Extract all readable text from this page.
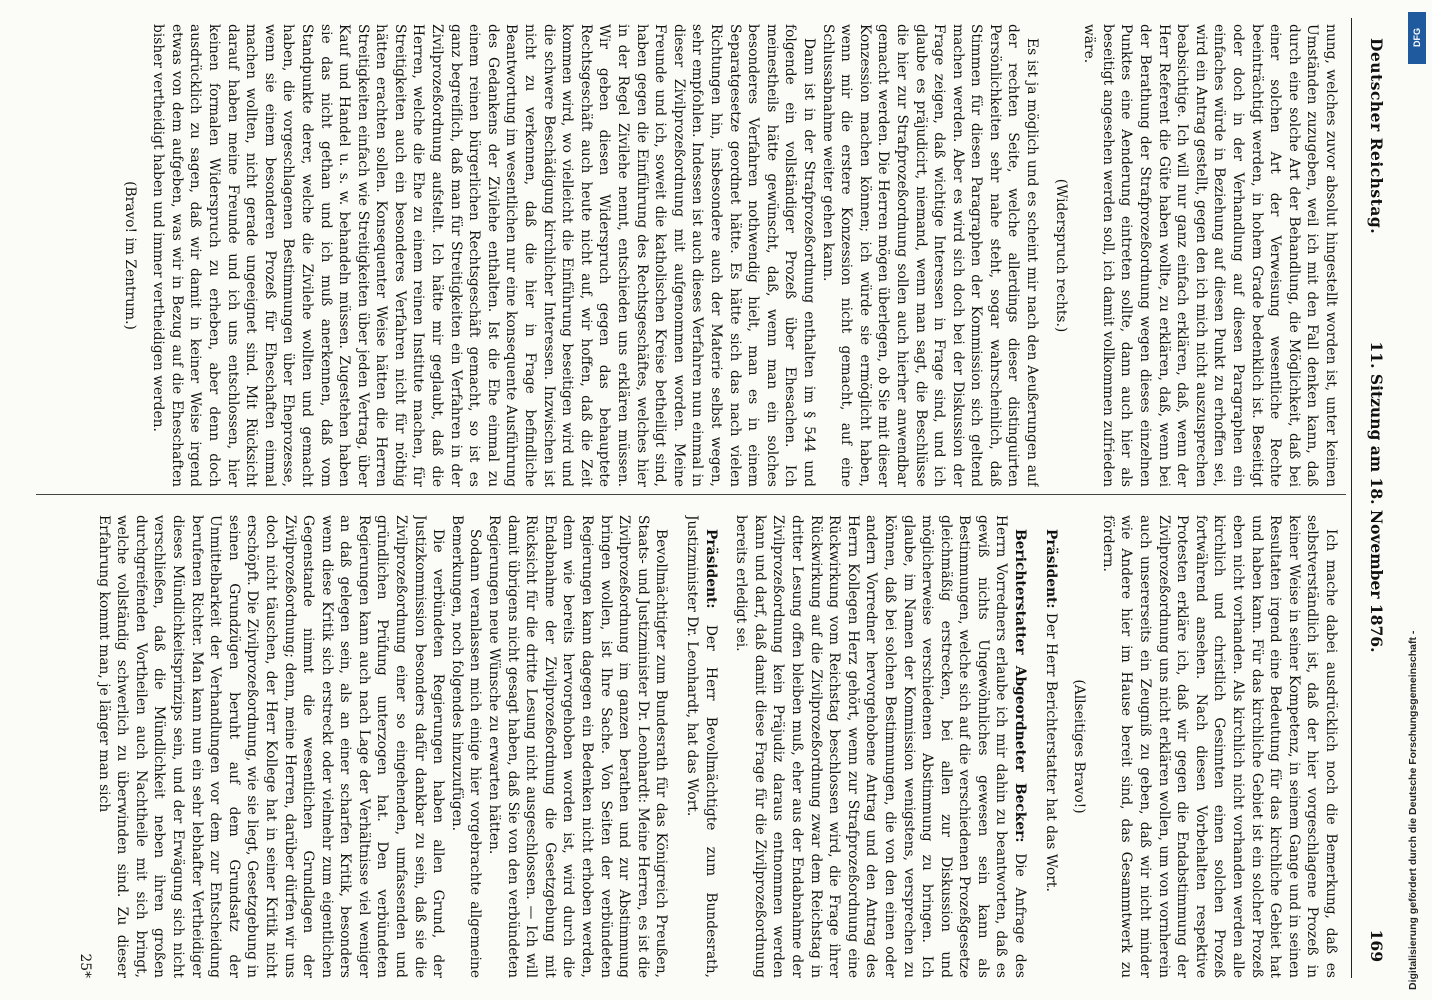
Deutscher Reichstag.
11. Sitzung am 18. November 1876.
169

nung, welches zuvor absolut hingestellt worden ist, unter keinen Umständen zuzugeben, weil ich mit den Fall denken kann, daß durch eine solche Art der Behandlung, die Möglichkeit, daß bei einer solchen Art der Verweisung wesentliche Rechte beeinträchtigt werden, in hohem Grade bedenklich ist. Beseitigt oder doch in der Verhandlung auf diesen Paragraphen ein einfaches würde in Beziehung auf diesen Punkt zu erhoffen sei, wird ein Antrag gestellt, gegen den ich mich nicht auszusprechen beabsichtige. Ich will nur ganz einfach erklären, daß, wenn der Herr Referent die Güte haben wollte, zu erklären, daß, wenn bei der Berathung der Strafprozeßordnung wegen dieses einzelnen Punktes eine Aenderung eintreten sollte, dann auch hier als beseitigt angesehen werden soll, ich damit vollkommen zufrieden wäre.

(Widerspruch rechts.)

Es ist ja möglich und es scheint mir nach den Aeußerungen auf der rechten Seite, welche allerdings dieser distinguirten Persönlichkeiten sehr nahe steht, sogar wahrscheinlich, daß Stimmen für diesen Paragraphen der Kommission sich geltend machen werden. Aber es wird sich doch bei der Diskussion der Frage zeigen, daß wichtige Interessen in Frage sind, und ich glaube es präjudicirt, niemand, wenn man sagt, die Beschlüsse die hier zur Strafprozeßordnung sollen auch hierher anwendbar gemacht werden. Die Herren mögen überlegen, ob Sie mit dieser Konzession machen können; ich würde sie ermöglicht haben, wenn mir die erstere Konzession nicht gemacht, auf eine Schlussabnahme weiter gehen kann.

Dann ist in der Strafprozeßordnung enthalten im § 544 und folgende ein vollständiger Prozeß über Ehesachen. Ich meinestheils hätte gewünscht, daß, wenn man ein solches besonderes Verfahren nothwendig hielt, man es in einem Separatgesetze geordnet hätte. Es hätte sich das nach vielen Richtungen hin, insbesondere auch der Materie selbst wegen, sehr empfohlen. Indessen ist auch dieses Verfahren nun einmal in dieser Zivilprozeßordnung mit aufgenommen worden. Meine Freunde und ich, soweit die katholischen Kreise betheiligt sind, haben gegen die Einführung des Rechtsgeschäftes, welches hier in der Regel Zivilehe nennt, entschieden uns erklären müssen. Wir geben diesen Widerspruch gegen das behauptete Rechtsgeschäft auch heute nicht auf, wir hoffen, daß die Zeit kommen wird, wo vielleicht die Einführung beseitigen wird und die schwere Beschädigung kirchlicher Interessen. Inzwischen ist nicht zu verkennen, daß die hier in Frage befindliche Beantwortung im wesentlichen nur eine konsequente Ausführung des Gedankens der Zivilehe enthalten. Ist die Ehe einmal zu einem reinen bürgerlichen Rechtsgeschäft gemacht, so ist es ganz begreiflich, daß man für Streitigkeiten ein Verfahren in der Zivilprozeßordnung aufstellt. Ich hätte mir geglaubt, daß die Herren, welche die Ehe zu einem reinen Institute machen, für Streitigkeiten auch ein besonderes Verfahren nicht für nöthig hätten erachten sollen. Konsequenter Weise hätten die Herren Streitigkeiten einfach wie Streitigkeiten über jeden Vertrag, über Kauf und Handel u. s. w. behandeln müssen. Zugestehen haben sie das nicht gethan und ich muß anerkennen, daß vom Standpunkte derer, welche die Zivilehe wollten und gemacht haben, die vorgeschlagenen Bestimmungen über Eheprozesse, wenn sie einem besonderen Prozeß für Eheschaften einmal machen wollten, nicht gerade ungeeignet sind. Mit Rücksicht darauf haben meine Freunde und ich uns entschlossen, hier keinen formalen Widerspruch zu erheben, aber denn doch ausdrücklich zu sagen, daß wir damit in keiner Weise irgend etwas von dem aufgeben, was wir in Bezug auf die Eheschaften bisher vertheidigt haben und immer vertheidigen werden.

(Bravo! im Zentrum.)

Ich mache dabei ausdrücklich noch die Bemerkung, daß es selbstverständlich ist, daß der hier vorgeschlagene Prozeß in keiner Weise in seiner Kompetenz, in seinem Gange und in seinen Resultaten irgend eine Bedeutung für das kirchliche Gebiet hat und haben kann. Für das kirchliche Gebiet ist ein solcher Prozeß eben nicht vorhanden. Als kirchlich nicht vorhanden werden alle kirchlich und christlich Gesinnten einen solchen Prozeß fortwährend ansehen. Nach diesen Vorbehalten respektive Protesten erkläre ich, daß wir gegen die Endabstimmung der Zivilprozeßordnung uns nicht erklären wollen, um von vornherein auch unsererseits ein Zeugniß zu geben, daß wir nicht minder wie Andere hier im Hause bereit sind, das Gesammtwerk zu fördern.

(Allseitiges Bravo!)

Präsident: Der Herr Berichterstatter hat das Wort.

Berichterstatter Abgeordneter Becker: Die Anfrage des Herrn Vorredners erlaube ich mir dahin zu beantworten, daß es gewiß nichts Ungewöhnliches gewesen sein kann als Bestimmungen, welche sich auf die verschiedenen Prozeßgesetze gleichmäßig erstrecken, bei allen zur Diskussion und möglicherweise verschiedenen Abstimmung zu bringen. Ich glaube, im Namen der Kommission wenigstens, versprechen zu können, daß bei solchen Bestimmungen, die von den einen oder andern Vorredner hervorgehobene Antrag und den Antrag des Herrn Kollegen Herz gehört, wenn zur Strafprozeßordnung eine Rückwirkung vom Reichstag beschlossen wird, die Frage ihrer Rückwirkung auf die Zivilprozeßordnung zwar dem Reichstag in dritter Lesung offen bleiben muß, eher aus der Endabnahme der Zivilprozeßordnung kein Präjudiz daraus entnommen werden kann und darf, daß damit diese Frage für die Zivilprozeßordnung bereits erledigt sei.

Präsident: Der Herr Bevollmächtigte zum Bundesrath, Justizminister Dr. Leonhardt, hat das Wort.

Bevollmächtigter zum Bundesrath für das Königreich Preußen, Staats- und Justizminister Dr. Leonhardt: Meine Herren, es ist die Zivilprozeßordnung im ganzen berathen und zur Abstimmung bringen wollen, ist Ihre Sache. Von Seiten der verbündeten Regierungen kann dagegen ein Bedenken nicht erhoben werden, denn wie bereits hervorgehoben worden ist, wird durch die Endabnahme der Zivilprozeßordnung die Gesetzgebung mit Rücksicht für die dritte Lesung nicht ausgeschlossen. — Ich will damit übrigens nicht gesagt haben, daß Sie von den verbündeten Regierungen neue Wünsche zu erwarten hätten.

Sodann veranlassen mich einige hier vorgebrachte allgemeine Bemerkungen, noch folgendes hinzuzufügen.

Die verbündeten Regierungen haben allen Grund, der Justizkommission besonders dafür dankbar zu sein, daß sie die Zivilprozeßordnung einer so eingehenden, umfassenden und gründlichen Prüfung unterzogen hat. Den verbündeten Regierungen kann auch nach Lage der Verhältnisse viel weniger an daß gelegen sein, als an einer scharfen Kritik, besonders wenn diese Kritik sich erstreckt oder vielmehr zum eigentlichen Gegenstande nimmt die wesentlichen Grundlagen der Zivilprozeßordnung; denn, meine Herren, darüber dürfen wir uns doch nicht täuschen, der Herr Kollege hat in seiner Kritik nicht erschöpft. Die Zivilprozeßordnung, wie sie liegt, Gesetzgebung in seinen Grundzügen beruht auf dem Grundsatz der Unmittelbarkeit der Verhandlungen vor dem zur Entscheidung berufenen Richter. Man kann nun ein sehr lebhafter Vertheidiger dieses Mündlichkeitsprinzips sein, und der Erwägung sich nicht verschließen, daß die Mündlichkeit neben ihren großen durchgreifenden Vortheilen auch Nachtheile mit sich bringt, welche vollständig schwerlich zu überwinden sind. Zu dieser Erfahrung kommt man, je länger man sich

25*

DFG
Digitalisierung gefördert durch die Deutsche Forschungsgemeinschaft -
